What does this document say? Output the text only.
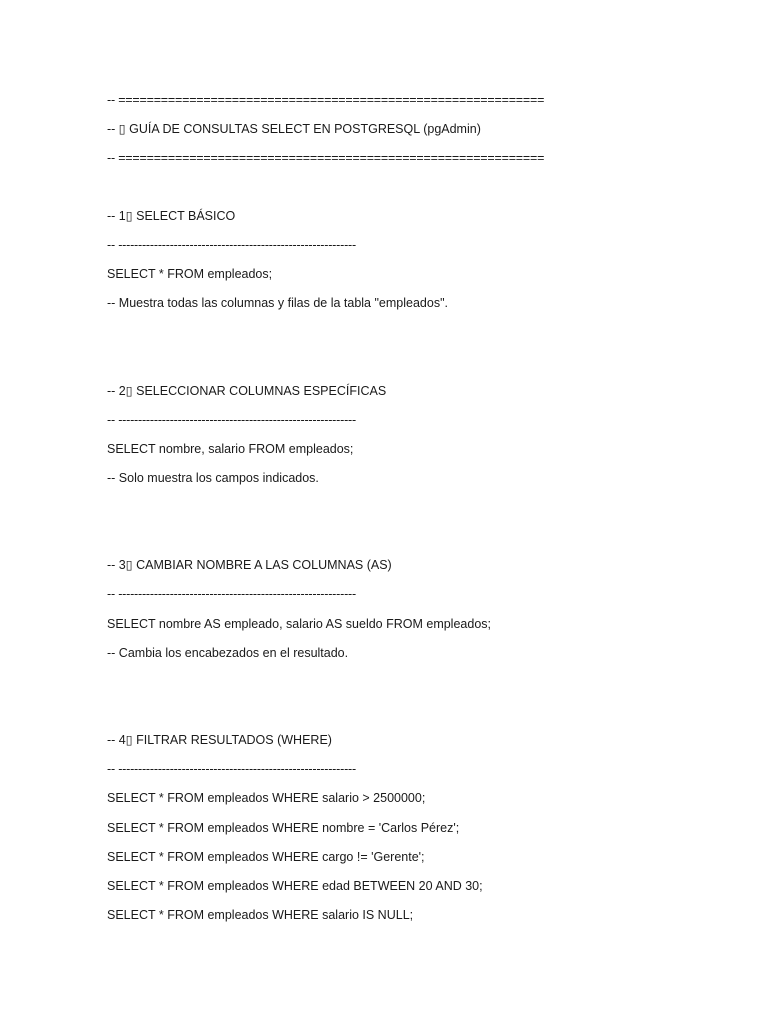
-- ============================================================
-- ▯ GUÍA DE CONSULTAS SELECT EN POSTGRESQL (pgAdmin)
-- ============================================================
-- 1▯ SELECT BÁSICO
-- ------------------------------------------------------------
SELECT * FROM empleados;
-- Muestra todas las columnas y filas de la tabla "empleados".
-- 2▯ SELECCIONAR COLUMNAS ESPECÍFICAS
-- ------------------------------------------------------------
SELECT nombre, salario FROM empleados;
-- Solo muestra los campos indicados.
-- 3▯ CAMBIAR NOMBRE A LAS COLUMNAS (AS)
-- ------------------------------------------------------------
SELECT nombre AS empleado, salario AS sueldo FROM empleados;
-- Cambia los encabezados en el resultado.
-- 4▯ FILTRAR RESULTADOS (WHERE)
-- ------------------------------------------------------------
SELECT * FROM empleados WHERE salario > 2500000;
SELECT * FROM empleados WHERE nombre = 'Carlos Pérez';
SELECT * FROM empleados WHERE cargo != 'Gerente';
SELECT * FROM empleados WHERE edad BETWEEN 20 AND 30;
SELECT * FROM empleados WHERE salario IS NULL;
